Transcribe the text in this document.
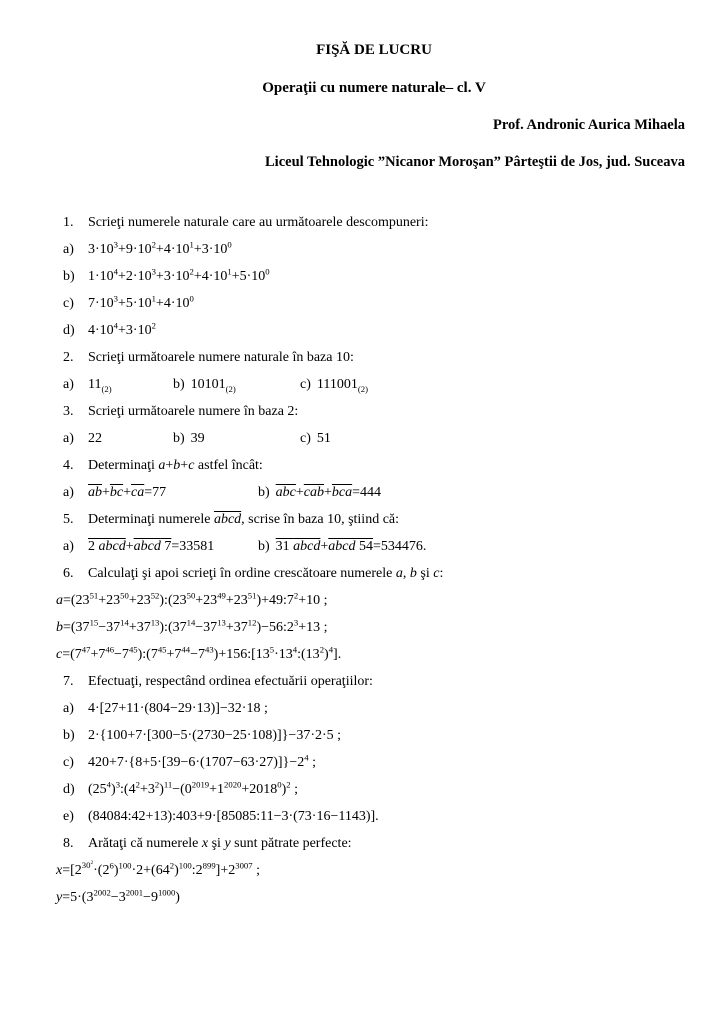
FIŞĂ DE LUCRU
Operaţii cu numere naturale– cl. V
Prof. Andronic Aurica Mihaela
Liceul Tehnologic ”Nicanor Moroşan” Pârteştii de Jos, jud. Suceava
1.	Scrieţi numerele naturale care au următoarele descompuneri:
a)	$3\cdot 10^3+9\cdot 10^2+4\cdot 10^1+3\cdot 10^0$
b) $1\cdot 10^4+2\cdot 10^3+3\cdot 10^2+4\cdot 10^1+5\cdot 10^0$
c)	$7\cdot 10^3+5\cdot 10^1+4\cdot 10^0$
d) $4\cdot 10^4+3\cdot 10^2$
2.	Scrieţi următoarele numere naturale în baza 10:
a)	$11_{(2)}$	b) $10101_{(2)}$	c) $111001_{(2)}$
3.	Scrieţi următoarele numere în baza 2:
a)	22	b) 39	c) 51
4.	Determinaţi a+b+c astfel încât:
a)	$\overline{ab}+\overline{bc}+\overline{ca}=77$	b) $\overline{abc}+\overline{cab}+\overline{bca}=444$
5.	Determinaţi numerele abcd, scrise în baza 10, ştiind că:
a)	2 abcd+abcd 7=33581	b) 31 abcd+abcd 54=534476.
6.	Calculaţi şi apoi scrieţi în ordine crescătoare numerele a, b şi c:
$a=(23^{51}+23^{50}+23^{52}):(23^{50}+23^{49}+23^{51})+49:7^2+10$ ;
$b=(37^{15}-37^{14}+37^{13}):(37^{14}-37^{13}+37^{12})-56:2^3+13$ ;
$c=(7^{47}+7^{46}-7^{45}):(7^{45}+7^{44}-7^{43})+156:[13^5\cdot 13^4:(13^2)^4]$.
7.	Efectuaţi, respectând ordinea efectuării operaţiilor:
a)	4·[27+11·(804−29·13)]−32·18 ;
b) 2·{100+7·[300−5·(2730−25·108)]}−37·2·5 ;
c)	$420+7\cdot\{8+5\cdot[39-6\cdot(1707-63\cdot 27)]\}-2^4$ ;
d) $(25^4)^3:(4^2+3^2)^{11}-(0^{2019}+1^{2020}+2018^0)^2$ ;
e)	(84084:42+13):403+9·[85085:11−3·(73·16−1143)].
8.	Arătaţi că numerele x şi y sunt pătrate perfecte:
$x=[2^{30^2}\cdot(2^6)^{100}\cdot 2+(64^2)^{100}:2^{899}]+2^{3007}$ ;
$y=5\cdot(3^{2002}-3^{2001}-9^{1000})$
